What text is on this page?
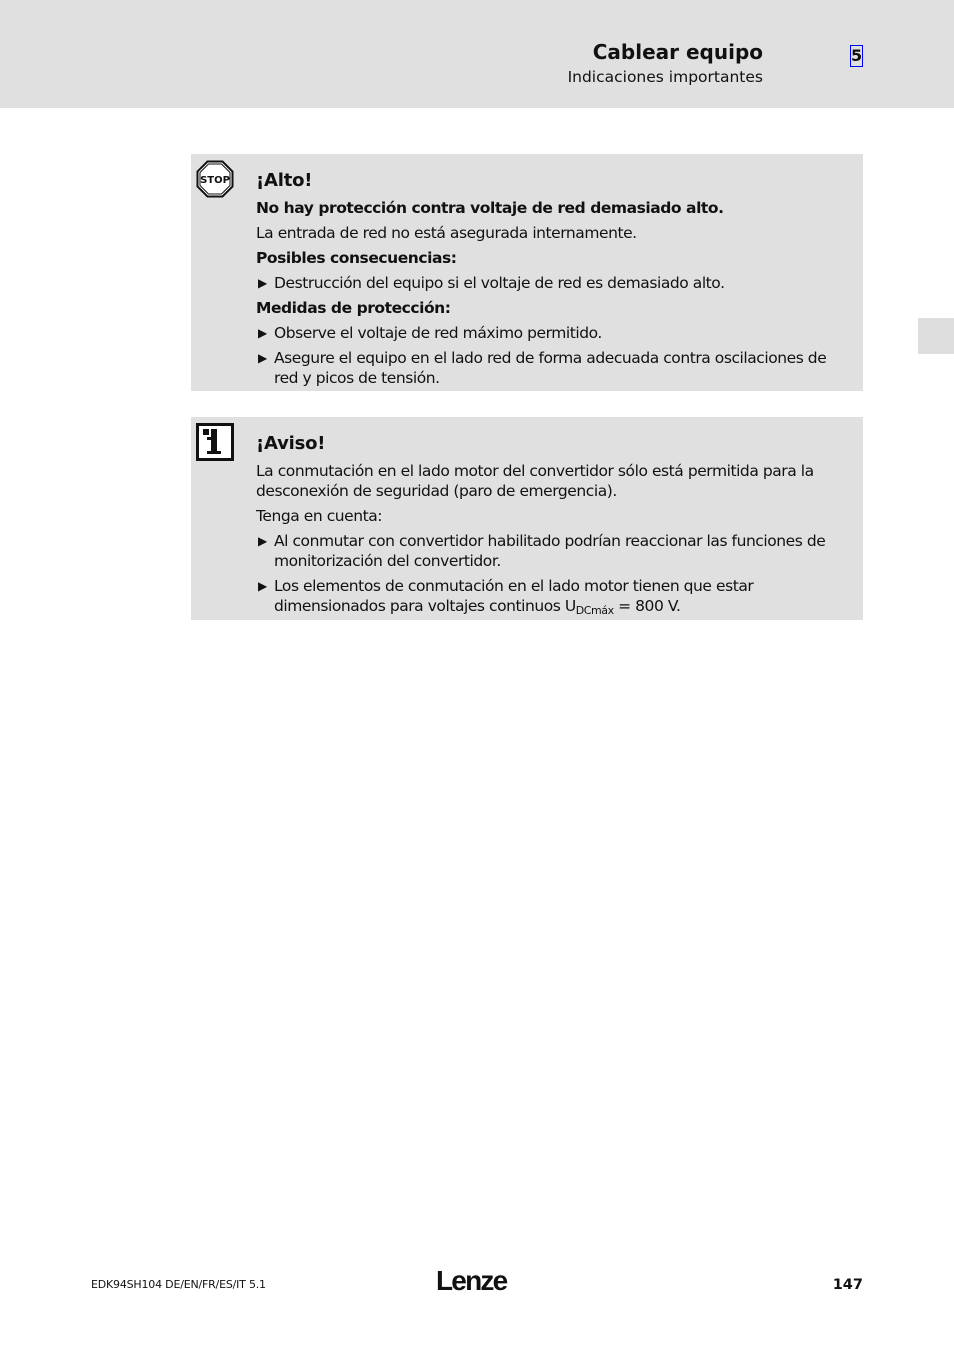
Cablear equipo
Indicaciones importantes
5
STOP ¡Alto!
No hay protección contra voltaje de red demasiado alto.
La entrada de red no está asegurada internamente.
Posibles consecuencias:
▶ Destrucción del equipo si el voltaje de red es demasiado alto.
Medidas de protección:
▶ Observe el voltaje de red máximo permitido.
▶ Asegure el equipo en el lado red de forma adecuada contra oscilaciones de red y picos de tensión.
¡Aviso!
La conmutación en el lado motor del convertidor sólo está permitida para la desconexión de seguridad (paro de emergencia).
Tenga en cuenta:
▶ Al conmutar con convertidor habilitado podrían reaccionar las funciones de monitorización del convertidor.
▶ Los elementos de conmutación en el lado motor tienen que estar dimensionados para voltajes continuos $U_{DCmáx} = 800$ V.
EDK94SH104 DE/EN/FR/ES/IT 5.1	Lenze	147
